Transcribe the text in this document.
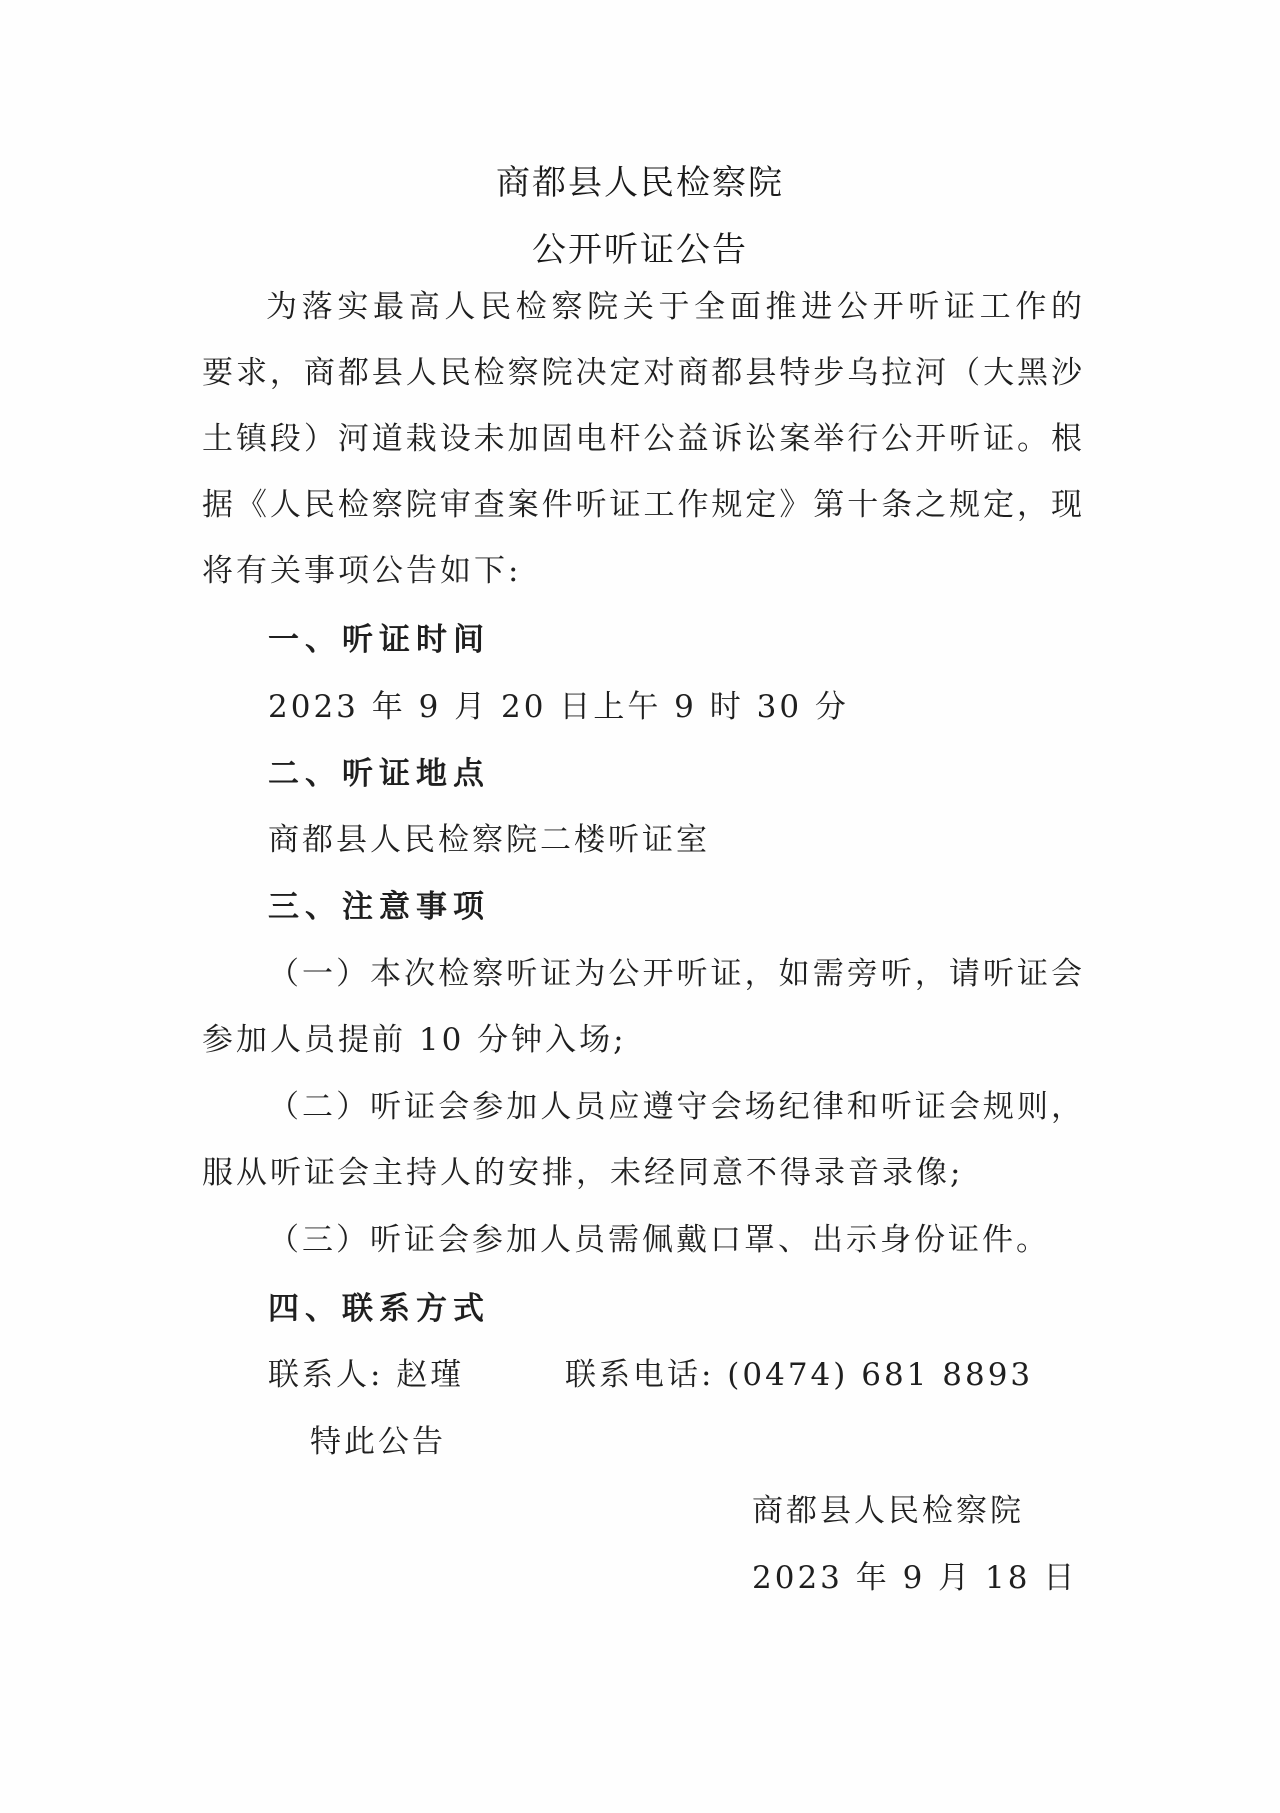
商都县人民检察院
公开听证公告
为落实最高人民检察院关于全面推进公开听证工作的
要求，商都县人民检察院决定对商都县特步乌拉河（大黑沙
土镇段）河道栽设未加固电杆公益诉讼案举行公开听证。根
据《人民检察院审查案件听证工作规定》第十条之规定，现
将有关事项公告如下:
一、听证时间
2023 年 9 月 20 日上午 9 时 30 分
二、听证地点
商都县人民检察院二楼听证室
三、注意事项
（一）本次检察听证为公开听证，如需旁听，请听证会
参加人员提前 10 分钟入场;
（二）听证会参加人员应遵守会场纪律和听证会规则，
服从听证会主持人的安排，未经同意不得录音录像;
（三）听证会参加人员需佩戴口罩、出示身份证件。
四、联系方式
联系人: 赵瑾	联系电话: (0474) 681 8893
特此公告
商都县人民检察院
2023 年 9 月 18 日
